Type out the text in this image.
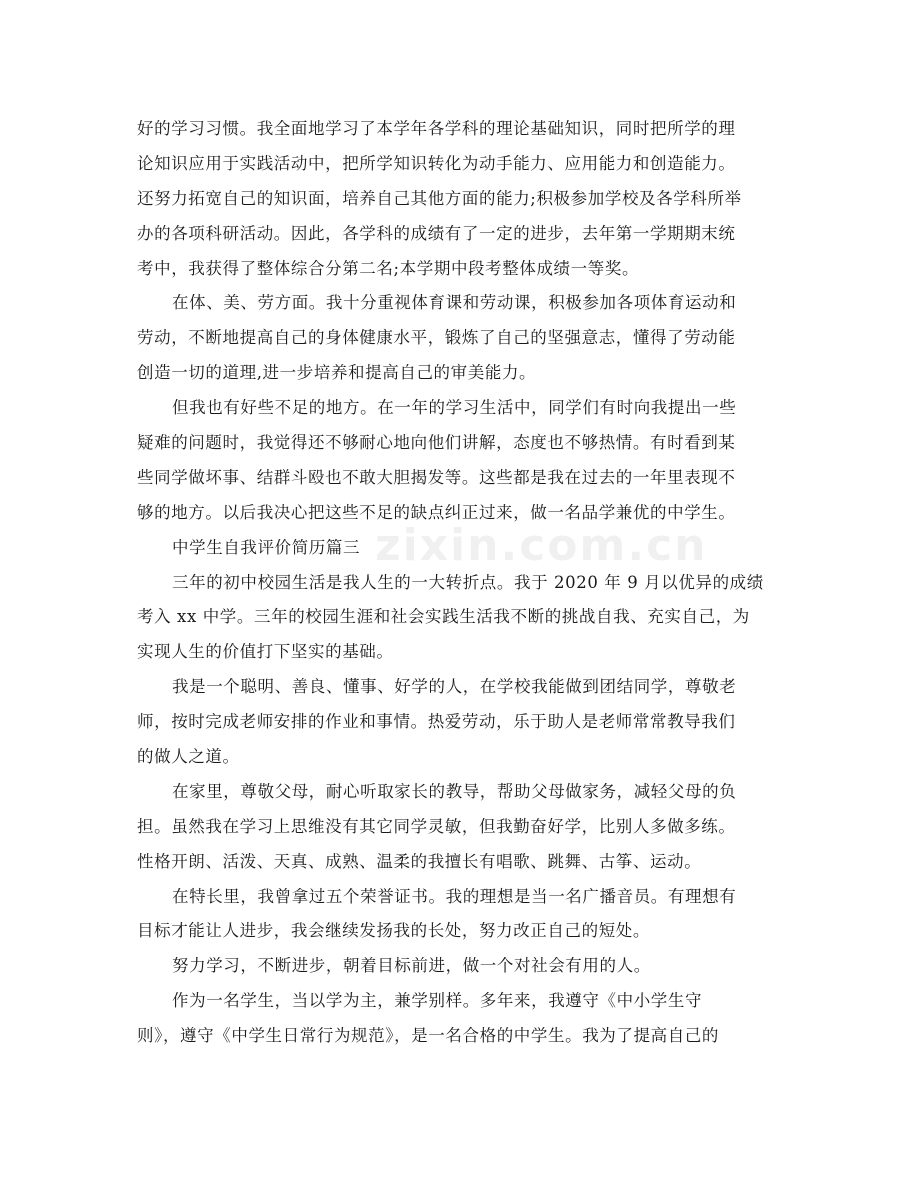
zixin.com.cn
好的学习习惯。我全面地学习了本学年各学科的理论基础知识，同时把所学的理
论知识应用于实践活动中，把所学知识转化为动手能力、应用能力和创造能力。
还努力拓宽自己的知识面，培养自己其他方面的能力;积极参加学校及各学科所举
办的各项科研活动。因此，各学科的成绩有了一定的进步，去年第一学期期末统
考中，我获得了整体综合分第二名;本学期中段考整体成绩一等奖。
在体、美、劳方面。我十分重视体育课和劳动课，积极参加各项体育运动和
劳动，不断地提高自己的身体健康水平，锻炼了自己的坚强意志，懂得了劳动能
创造一切的道理,进一步培养和提高自己的审美能力。
但我也有好些不足的地方。在一年的学习生活中，同学们有时向我提出一些
疑难的问题时，我觉得还不够耐心地向他们讲解，态度也不够热情。有时看到某
些同学做坏事、结群斗殴也不敢大胆揭发等。这些都是我在过去的一年里表现不
够的地方。以后我决心把这些不足的缺点纠正过来，做一名品学兼优的中学生。
中学生自我评价简历篇三
三年的初中校园生活是我人生的一大转折点。我于 2020 年 9 月以优异的成绩
考入 xx 中学。三年的校园生涯和社会实践生活我不断的挑战自我、充实自己，为
实现人生的价值打下坚实的基础。
我是一个聪明、善良、懂事、好学的人，在学校我能做到团结同学，尊敬老
师，按时完成老师安排的作业和事情。热爱劳动，乐于助人是老师常常教导我们
的做人之道。
在家里，尊敬父母，耐心听取家长的教导，帮助父母做家务，减轻父母的负
担。虽然我在学习上思维没有其它同学灵敏，但我勤奋好学，比别人多做多练。
性格开朗、活泼、天真、成熟、温柔的我擅长有唱歌、跳舞、古筝、运动。
在特长里，我曾拿过五个荣誉证书。我的理想是当一名广播音员。有理想有
目标才能让人进步，我会继续发扬我的长处，努力改正自己的短处。
努力学习，不断进步，朝着目标前进，做一个对社会有用的人。
作为一名学生，当以学为主，兼学别样。多年来，我遵守《中小学生守
则》，遵守《中学生日常行为规范》，是一名合格的中学生。我为了提高自己的
